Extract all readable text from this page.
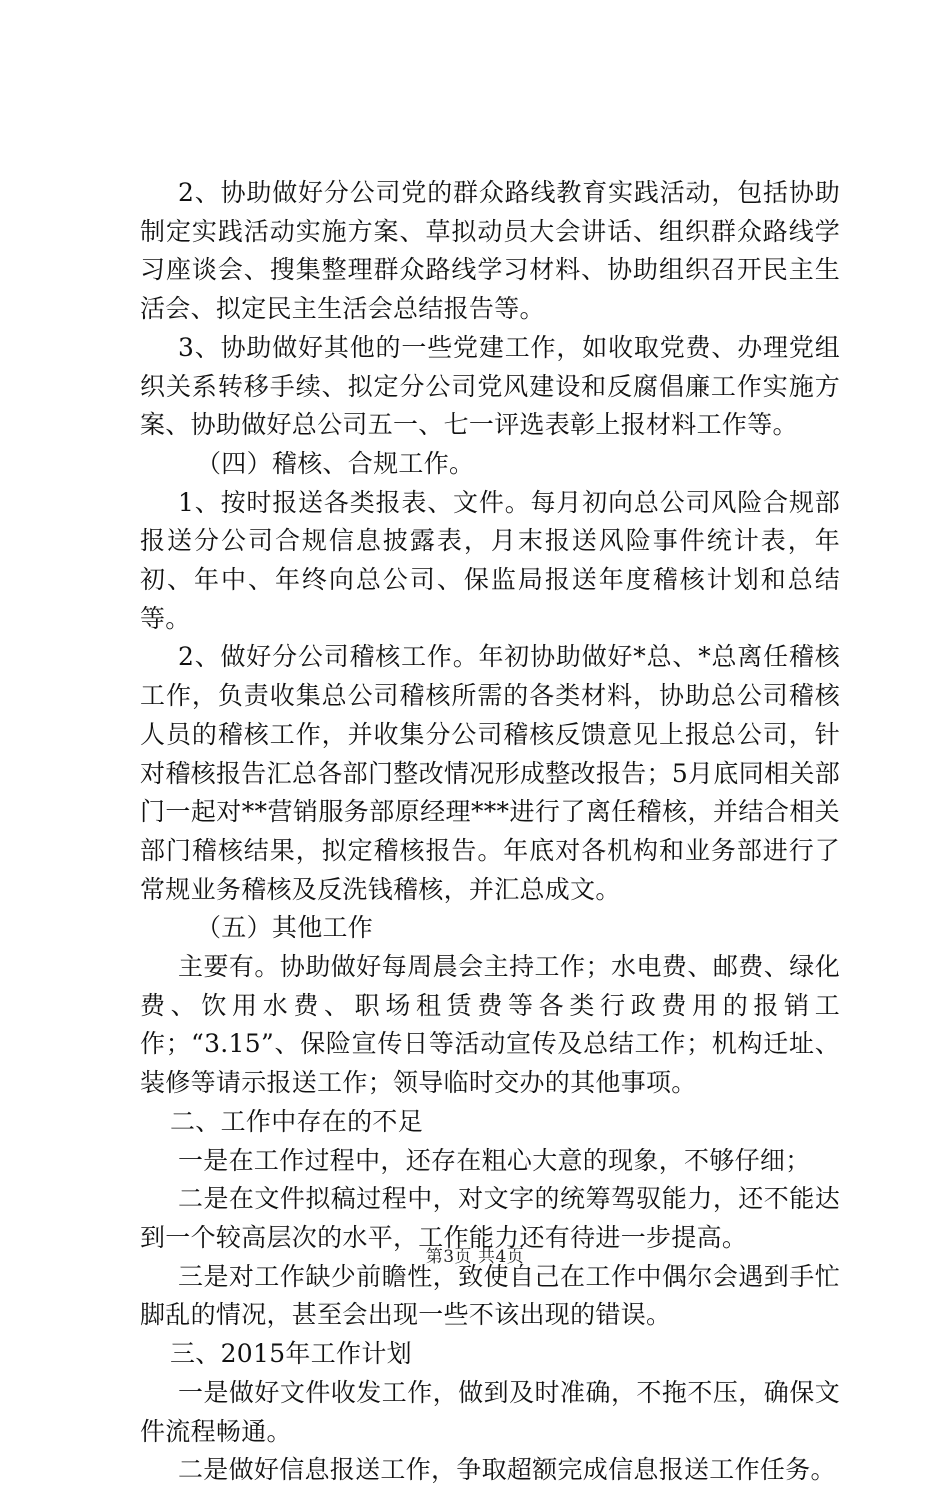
2、协助做好分公司党的群众路线教育实践活动，包括协助制定实践活动实施方案、草拟动员大会讲话、组织群众路线学习座谈会、搜集整理群众路线学习材料、协助组织召开民主生活会、拟定民主生活会总结报告等。

3、协助做好其他的一些党建工作，如收取党费、办理党组织关系转移手续、拟定分公司党风建设和反腐倡廉工作实施方案、协助做好总公司五一、七一评选表彰上报材料工作等。

（四）稽核、合规工作。

1、按时报送各类报表、文件。每月初向总公司风险合规部报送分公司合规信息披露表，月末报送风险事件统计表，年初、年中、年终向总公司、保监局报送年度稽核计划和总结等。

2、做好分公司稽核工作。年初协助做好*总、*总离任稽核工作，负责收集总公司稽核所需的各类材料，协助总公司稽核人员的稽核工作，并收集分公司稽核反馈意见上报总公司，针对稽核报告汇总各部门整改情况形成整改报告；5月底同相关部门一起对**营销服务部原经理***进行了离任稽核，并结合相关部门稽核结果，拟定稽核报告。年底对各机构和业务部进行了常规业务稽核及反洗钱稽核，并汇总成文。

（五）其他工作

主要有。协助做好每周晨会主持工作；水电费、邮费、绿化费、饮用水费、职场租赁费等各类行政费用的报销工作；“3.15”、保险宣传日等活动宣传及总结工作；机构迁址、装修等请示报送工作；领导临时交办的其他事项。

二、工作中存在的不足

一是在工作过程中，还存在粗心大意的现象，不够仔细；

二是在文件拟稿过程中，对文字的统筹驾驭能力，还不能达到一个较高层次的水平，工作能力还有待进一步提高。

三是对工作缺少前瞻性，致使自己在工作中偶尔会遇到手忙脚乱的情况，甚至会出现一些不该出现的错误。

三、2015年工作计划

一是做好文件收发工作，做到及时准确，不拖不压，确保文件流程畅通。

二是做好信息报送工作，争取超额完成信息报送工作任务。

第3页 共4页
